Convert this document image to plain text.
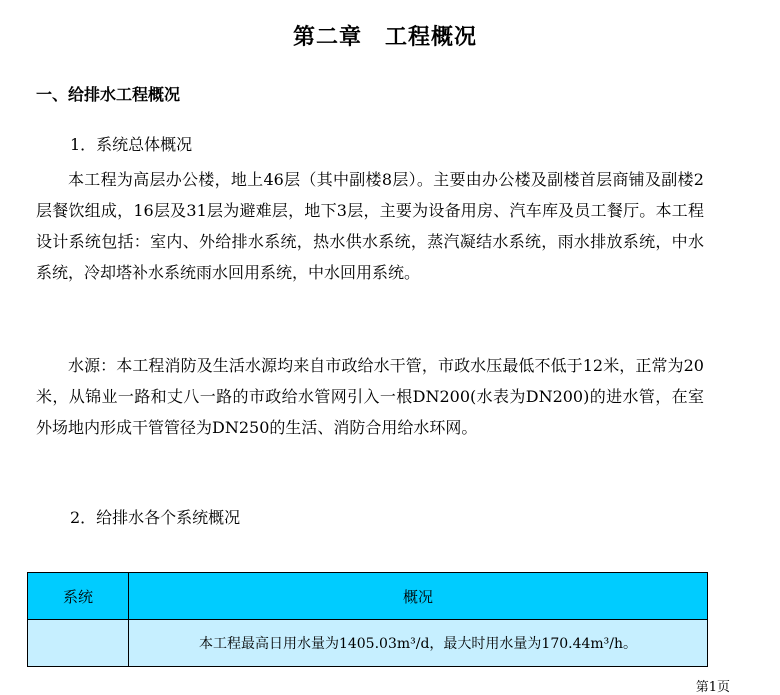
第二章　工程概况
一、给排水工程概况
1．系统总体概况

本工程为高层办公楼，地上46层（其中副楼8层）。主要由办公楼及副楼首层商铺及副楼2层餐饮组成，16层及31层为避难层，地下3层，主要为设备用房、汽车库及员工餐厅。本工程设计系统包括：室内、外给排水系统，热水供水系统，蒸汽凝结水系统，雨水排放系统，中水系统，冷却塔补水系统雨水回用系统，中水回用系统。

水源：本工程消防及生活水源均来自市政给水干管，市政水压最低不低于12米，正常为20米，从锦业一路和丈八一路的市政给水管网引入一根DN200(水表为DN200)的进水管，在室外场地内形成干管管径为DN250的生活、消防合用给水环网。

2．给排水各个系统概况
系统	概况
	本工程最高日用水量为1405.03m³/d，最大时用水量为170.44m³/h。
第1页
